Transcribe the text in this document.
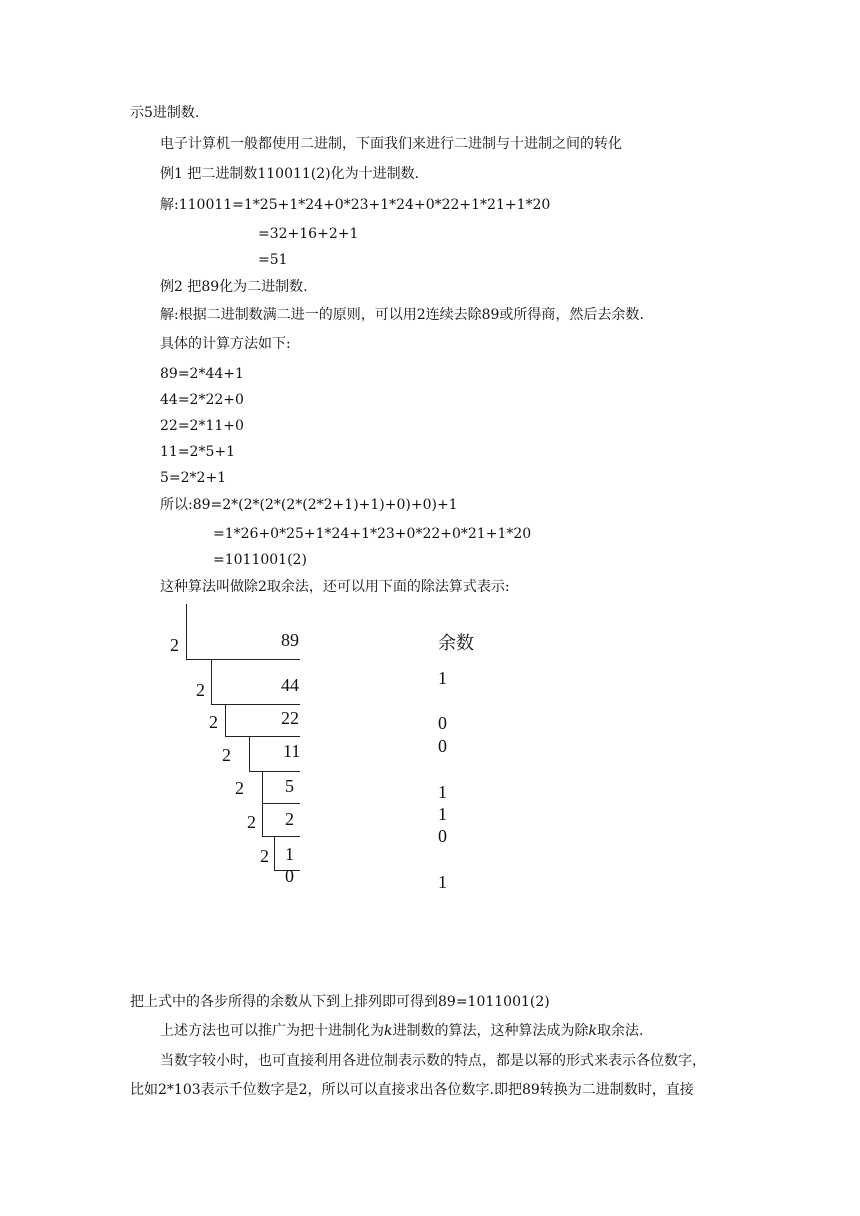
示5进制数.
电子计算机一般都使用二进制，下面我们来进行二进制与十进制之间的转化
例1 把二进制数110011(2)化为十进制数.
解:110011=1*25+1*24+0*23+1*24+0*22+1*21+1*20
=32+16+2+1
=51
例2 把89化为二进制数.
解:根据二进制数满二进一的原则，可以用2连续去除89或所得商，然后去余数.
具体的计算方法如下:
89=2*44+1
44=2*22+0
22=2*11+0
11=2*5+1
5=2*2+1
所以:89=2*(2*(2*(2*(2*2+1)+1)+0)+0)+1
=1*26+0*25+1*24+1*23+0*22+0*21+1*20
=1011001(2)
这种算法叫做除2取余法，还可以用下面的除法算式表示:
2
2
2
2
2
2
2
89
44
22
11
5
2
1
0
余数
1
0
0
1
1
0
1
把上式中的各步所得的余数从下到上排列即可得到89=1011001(2)
上述方法也可以推广为把十进制化为k进制数的算法，这种算法成为除k取余法.
当数字较小时，也可直接利用各进位制表示数的特点，都是以幂的形式来表示各位数字，
比如2*103表示千位数字是2，所以可以直接求出各位数字.即把89转换为二进制数时，直接
